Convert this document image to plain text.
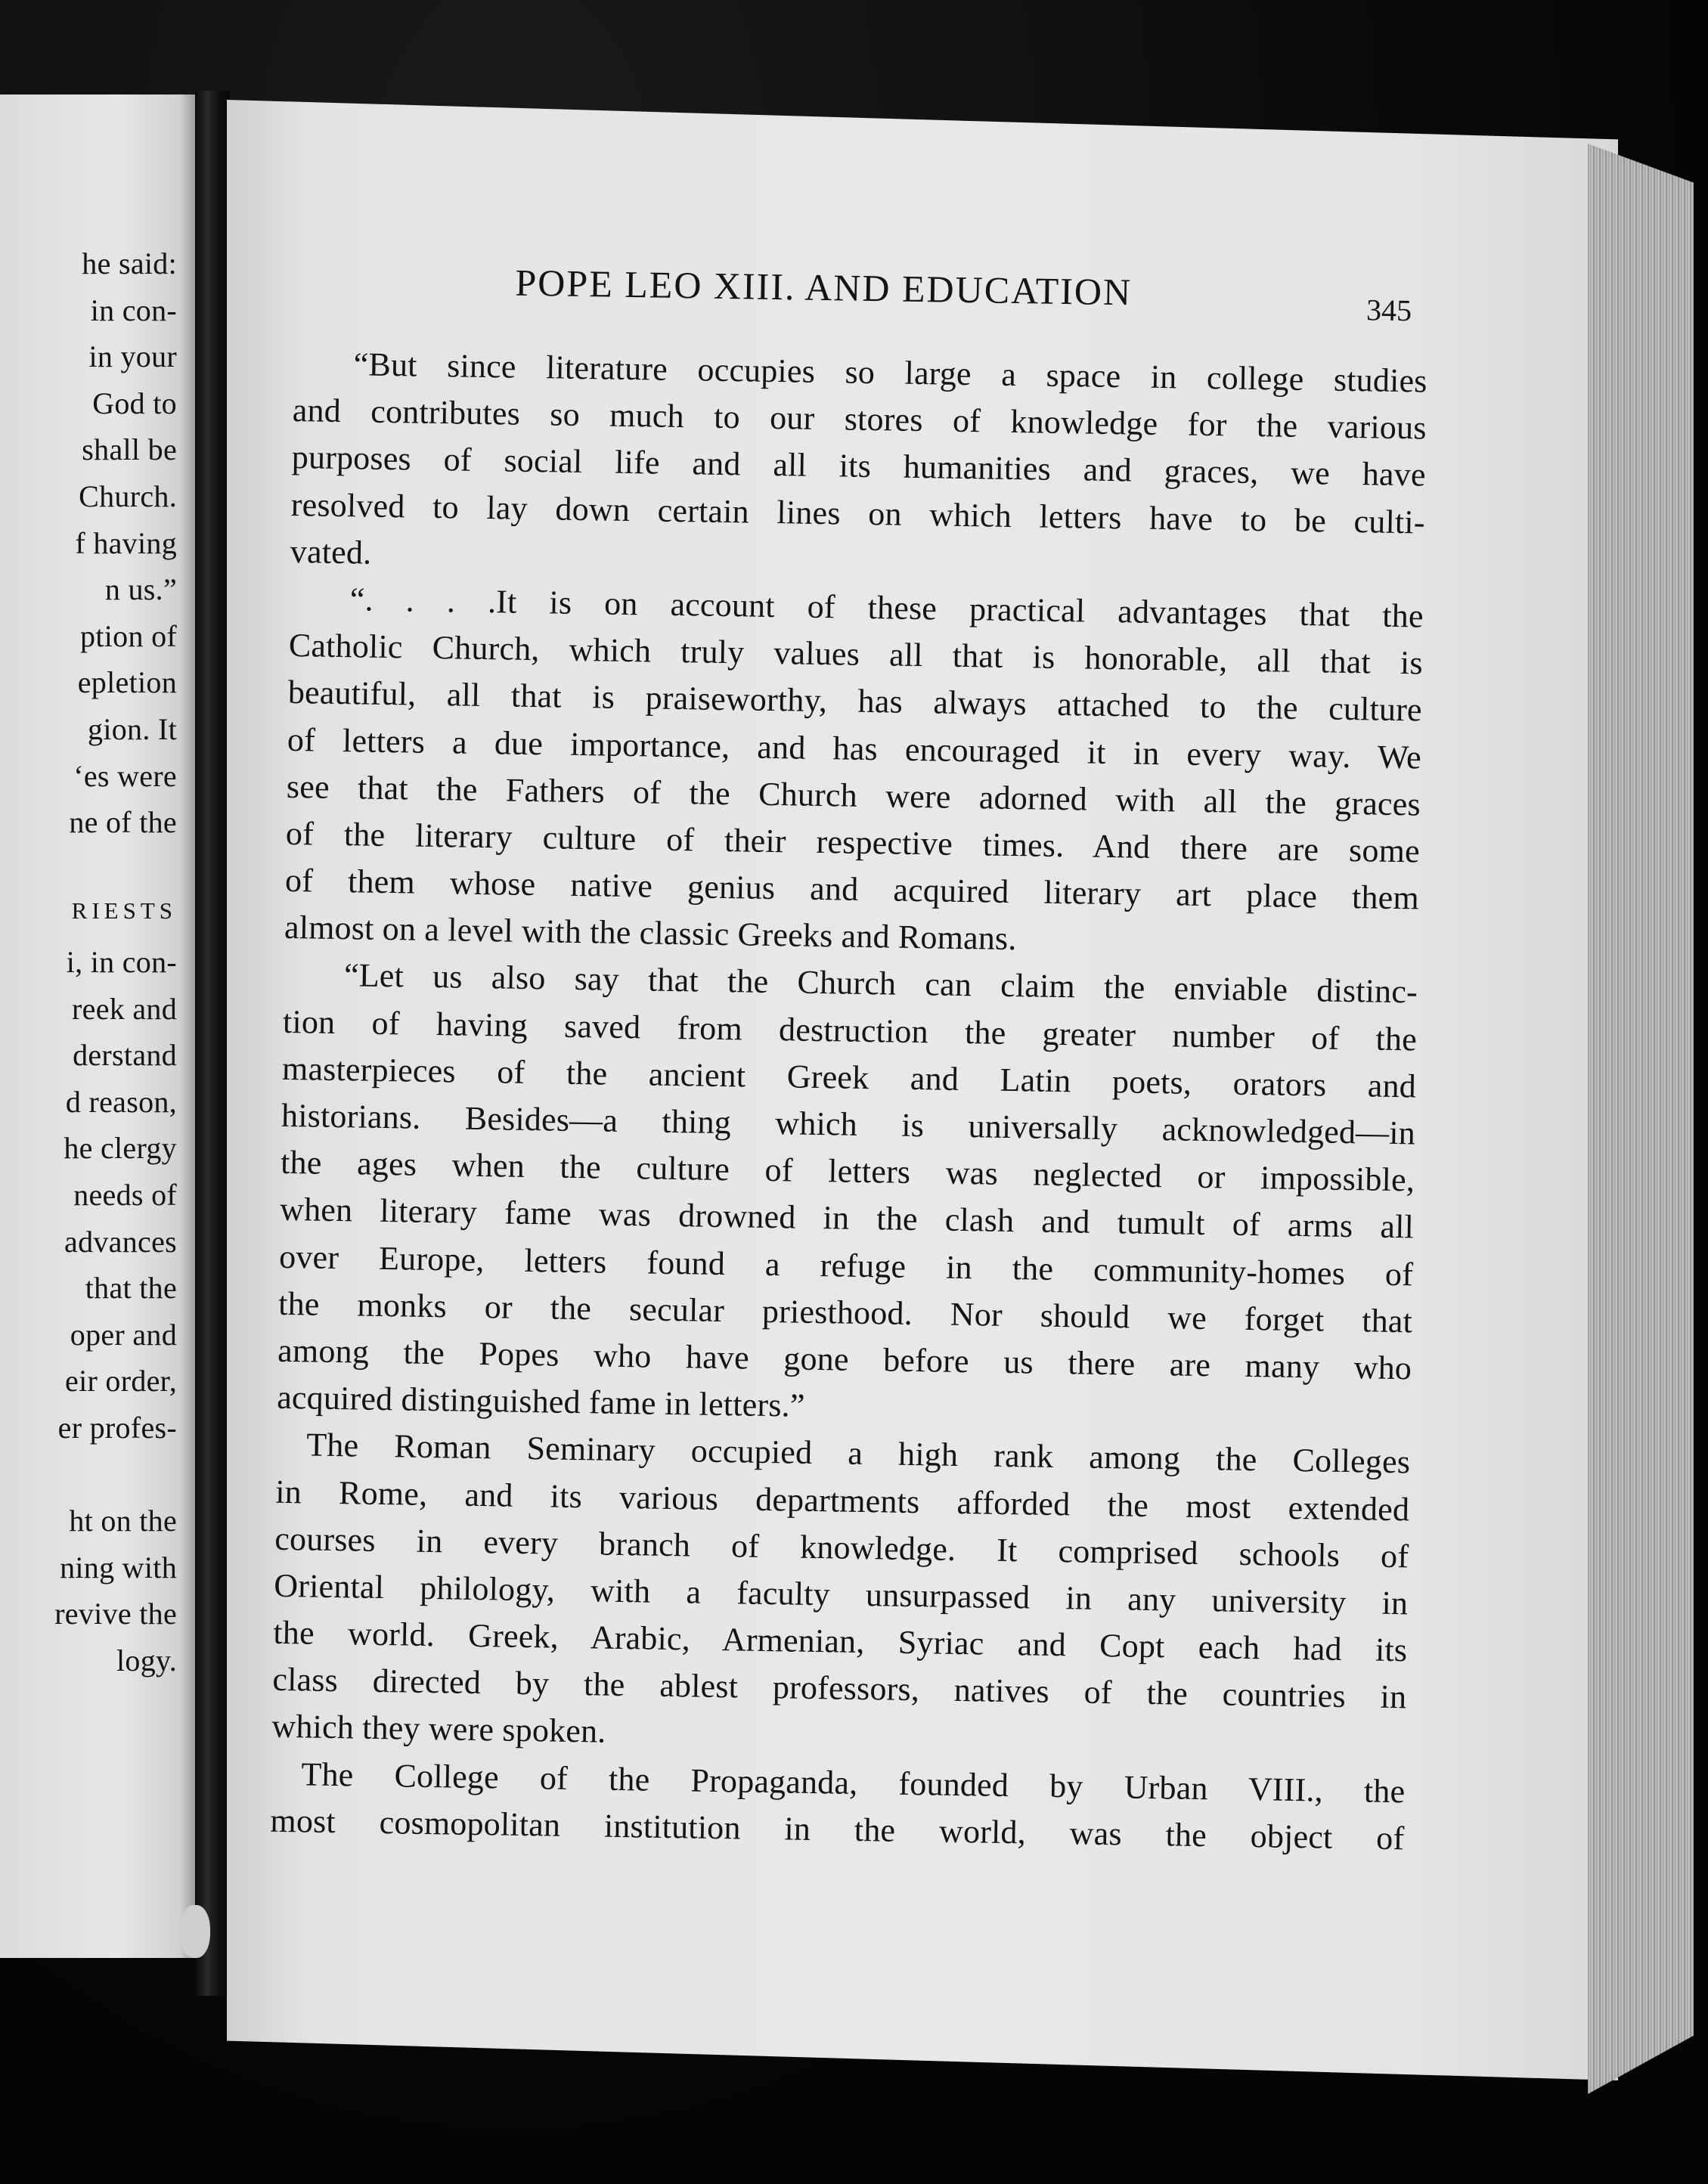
he said:
in con-
in your
God to
shall be
Church.
f having
n us.”
ption of
epletion
gion. It
ʻes were
ne of the
RIESTS
i, in con-
reek and
derstand
d reason,
he clergy
needs of
advances
that the
oper and
eir order,
er profes-
ht on the
ning with
revive the
logy.
POPE LEO XIII. AND EDUCATION	345
“But since literature occupies so large a space in college studies
and contributes so much to our stores of knowledge for the various
purposes of social life and all its humanities and graces, we have
resolved to lay down certain lines on which letters have to be culti-
vated.
“. . . .It is on account of these practical advantages that the
Catholic Church, which truly values all that is honorable, all that is
beautiful, all that is praiseworthy, has always attached to the culture
of letters a due importance, and has encouraged it in every way. We
see that the Fathers of the Church were adorned with all the graces
of the literary culture of their respective times. And there are some
of them whose native genius and acquired literary art place them
almost on a level with the classic Greeks and Romans.
“Let us also say that the Church can claim the enviable distinc-
tion of having saved from destruction the greater number of the
masterpieces of the ancient Greek and Latin poets, orators and
historians. Besides—a thing which is universally acknowledged—in
the ages when the culture of letters was neglected or impossible,
when literary fame was drowned in the clash and tumult of arms all
over Europe, letters found a refuge in the community-homes of
the monks or the secular priesthood. Nor should we forget that
among the Popes who have gone before us there are many who
acquired distinguished fame in letters.”
The Roman Seminary occupied a high rank among the Colleges
in Rome, and its various departments afforded the most extended
courses in every branch of knowledge. It comprised schools of
Oriental philology, with a faculty unsurpassed in any university in
the world. Greek, Arabic, Armenian, Syriac and Copt each had its
class directed by the ablest professors, natives of the countries in
which they were spoken.
The College of the Propaganda, founded by Urban VIII., the
most cosmopolitan institution in the world, was the object of
